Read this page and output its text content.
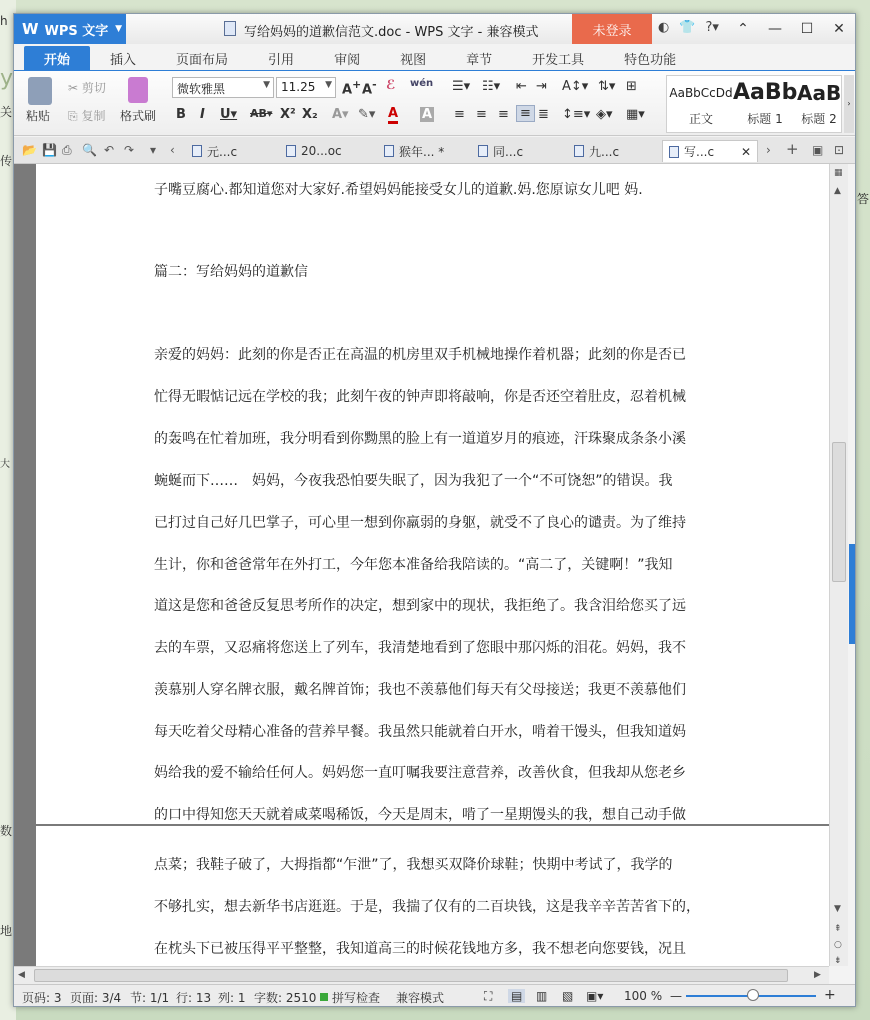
h
y
关
传
大
数
地
答
W WPS 文字 ▼	写给妈妈的道歉信范文.doc - WPS 文字 - 兼容模式	未登录	◐ 👕 ?▾	⌃	—	☐	✕
开始	插入	页面布局	引用	审阅	视图	章节	开发工具	特色功能
粘贴
✂ 剪切
⎘ 复制 格式刷
微软雅黑	▼ 11.25 ▼ A+ A- ℰ wén
B I U▾ AB▾ X² X₂ A▾ ✎▾ A A
☰▾ ☷▾ ⇤ ⇥ A↕▾ ⇅▾ ⊞
≡ ≡ ≡ ≡ ≣ ↕≡▾ ◈▾ ▦▾
AaBbCcDd
正文
AaBb
标题 1
AaB
标题 2
›
📂 💾 ⎙ 🔍 ↶ ↷ ▾ ‹	元...c	20...oc	猴年... *	同...c	九...c	写...c ✕ › + ▣ ⊡
子嘴豆腐心.都知道您对大家好.希望妈妈能接受女儿的道歉.妈.您原谅女儿吧 妈.
篇二：写给妈妈的道歉信
亲爱的妈妈：此刻的你是否正在高温的机房里双手机械地操作着机器；此刻的你是否已
忙得无暇惦记远在学校的我；此刻午夜的钟声即将敲响，你是否还空着肚皮，忍着机械
的轰鸣在忙着加班，我分明看到你黝黑的脸上有一道道岁月的痕迹，汗珠聚成条条小溪
蜿蜒而下……　妈妈，今夜我恐怕要失眠了，因为我犯了一个“不可饶恕”的错误。我
已打过自己好几巴掌子，可心里一想到你羸弱的身躯，就受不了良心的谴责。为了维持
生计，你和爸爸常年在外打工，今年您本准备给我陪读的。“高二了，关键啊！”我知
道这是您和爸爸反复思考所作的决定，想到家中的现状，我拒绝了。我含泪给您买了远
去的车票，又忍痛将您送上了列车，我清楚地看到了您眼中那闪烁的泪花。妈妈，我不
羡慕别人穿名牌衣服，戴名牌首饰；我也不羡慕他们每天有父母接送；我更不羡慕他们
每天吃着父母精心准备的营养早餐。我虽然只能就着白开水，啃着干馒头，但我知道妈
妈给我的爱不输给任何人。妈妈您一直叮嘱我要注意营养，改善伙食，但我却从您老乡
的口中得知您天天就着咸菜喝稀饭，今天是周末，啃了一星期馒头的我，想自己动手做
点菜；我鞋子破了，大拇指都“乍泄”了，我想买双降价球鞋；快期中考试了，我学的
不够扎实，想去新华书店逛逛。于是，我揣了仅有的二百块钱，这是我辛辛苦苦省下的，
在枕头下已被压得平平整整，我知道高三的时候花钱地方多，我不想老向您要钱，况且
▦
▲
▼
⇞
○
⇟
◀	▶
页码: 3 页面: 3/4 节: 1/1 行: 13 列: 1 字数: 2510 拼写检查 兼容模式	⛶ ▤ ▥ ▧ ▣▾ 100 % —	+
